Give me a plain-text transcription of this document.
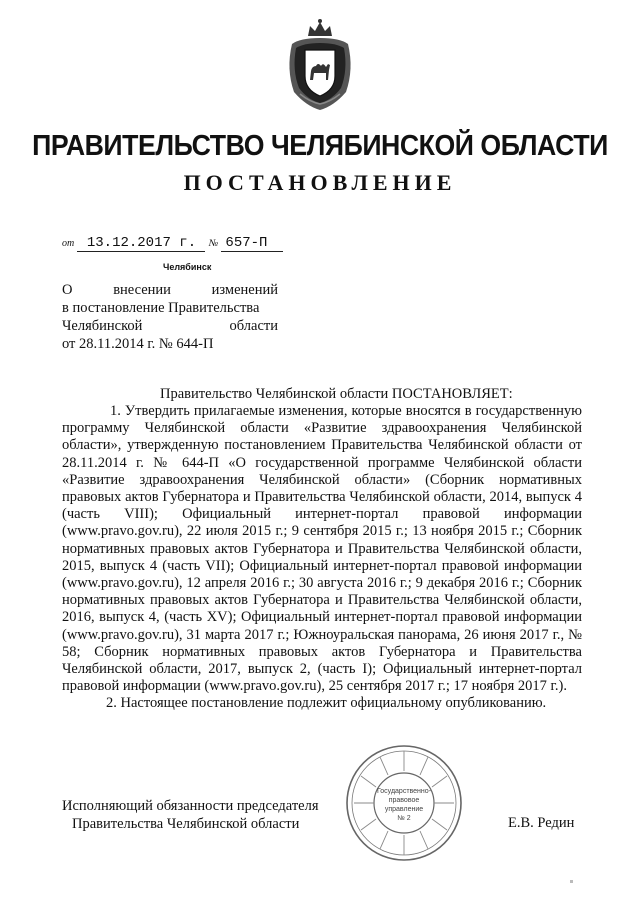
ПРАВИТЕЛЬСТВО ЧЕЛЯБИНСКОЙ ОБЛАСТИ
ПОСТАНОВЛЕНИЕ
от 13.12.2017 г. № 657-П
Челябинск
О	внесении	изменений
в постановление Правительства
Челябинской	области
от 28.11.2014 г. № 644-П
Правительство Челябинской области ПОСТАНОВЛЯЕТ:

1. Утвердить прилагаемые изменения, которые вносятся в государственную программу Челябинской области «Развитие здравоохранения Челябинской области», утвержденную постановлением Правительства Челябинской области от 28.11.2014 г. № 644-П «О государственной программе Челябинской области «Развитие здравоохранения Челябинской области» (Сборник нормативных правовых актов Губернатора и Правительства Челябинской области, 2014, выпуск 4 (часть VIII); Официальный интернет-портал правовой информации (www.pravo.gov.ru), 22 июля 2015 г.; 9 сентября 2015 г.; 13 ноября 2015 г.; Сборник нормативных правовых актов Губернатора и Правительства Челябинской области, 2015, выпуск 4 (часть VII); Официальный интернет-портал правовой информации (www.pravo.gov.ru), 12 апреля 2016 г.; 30 августа 2016 г.; 9 декабря 2016 г.; Сборник нормативных правовых актов Губернатора и Правительства Челябинской области, 2016, выпуск 4, (часть XV); Официальный интернет-портал правовой информации (www.pravo.gov.ru), 31 марта 2017 г.; Южноуральская панорама, 26 июня 2017 г., № 58; Сборник нормативных правовых актов Губернатора и Правительства Челябинской области, 2017, выпуск 2, (часть I); Официальный интернет-портал правовой информации (www.pravo.gov.ru), 25 сентября 2017 г.; 17 ноября 2017 г.).

2. Настоящее постановление подлежит официальному опубликованию.

Исполняющий обязанности председателя
Правительства Челябинской области
Государственно-
правовое
управление
№ 2	Е.В. Редин
